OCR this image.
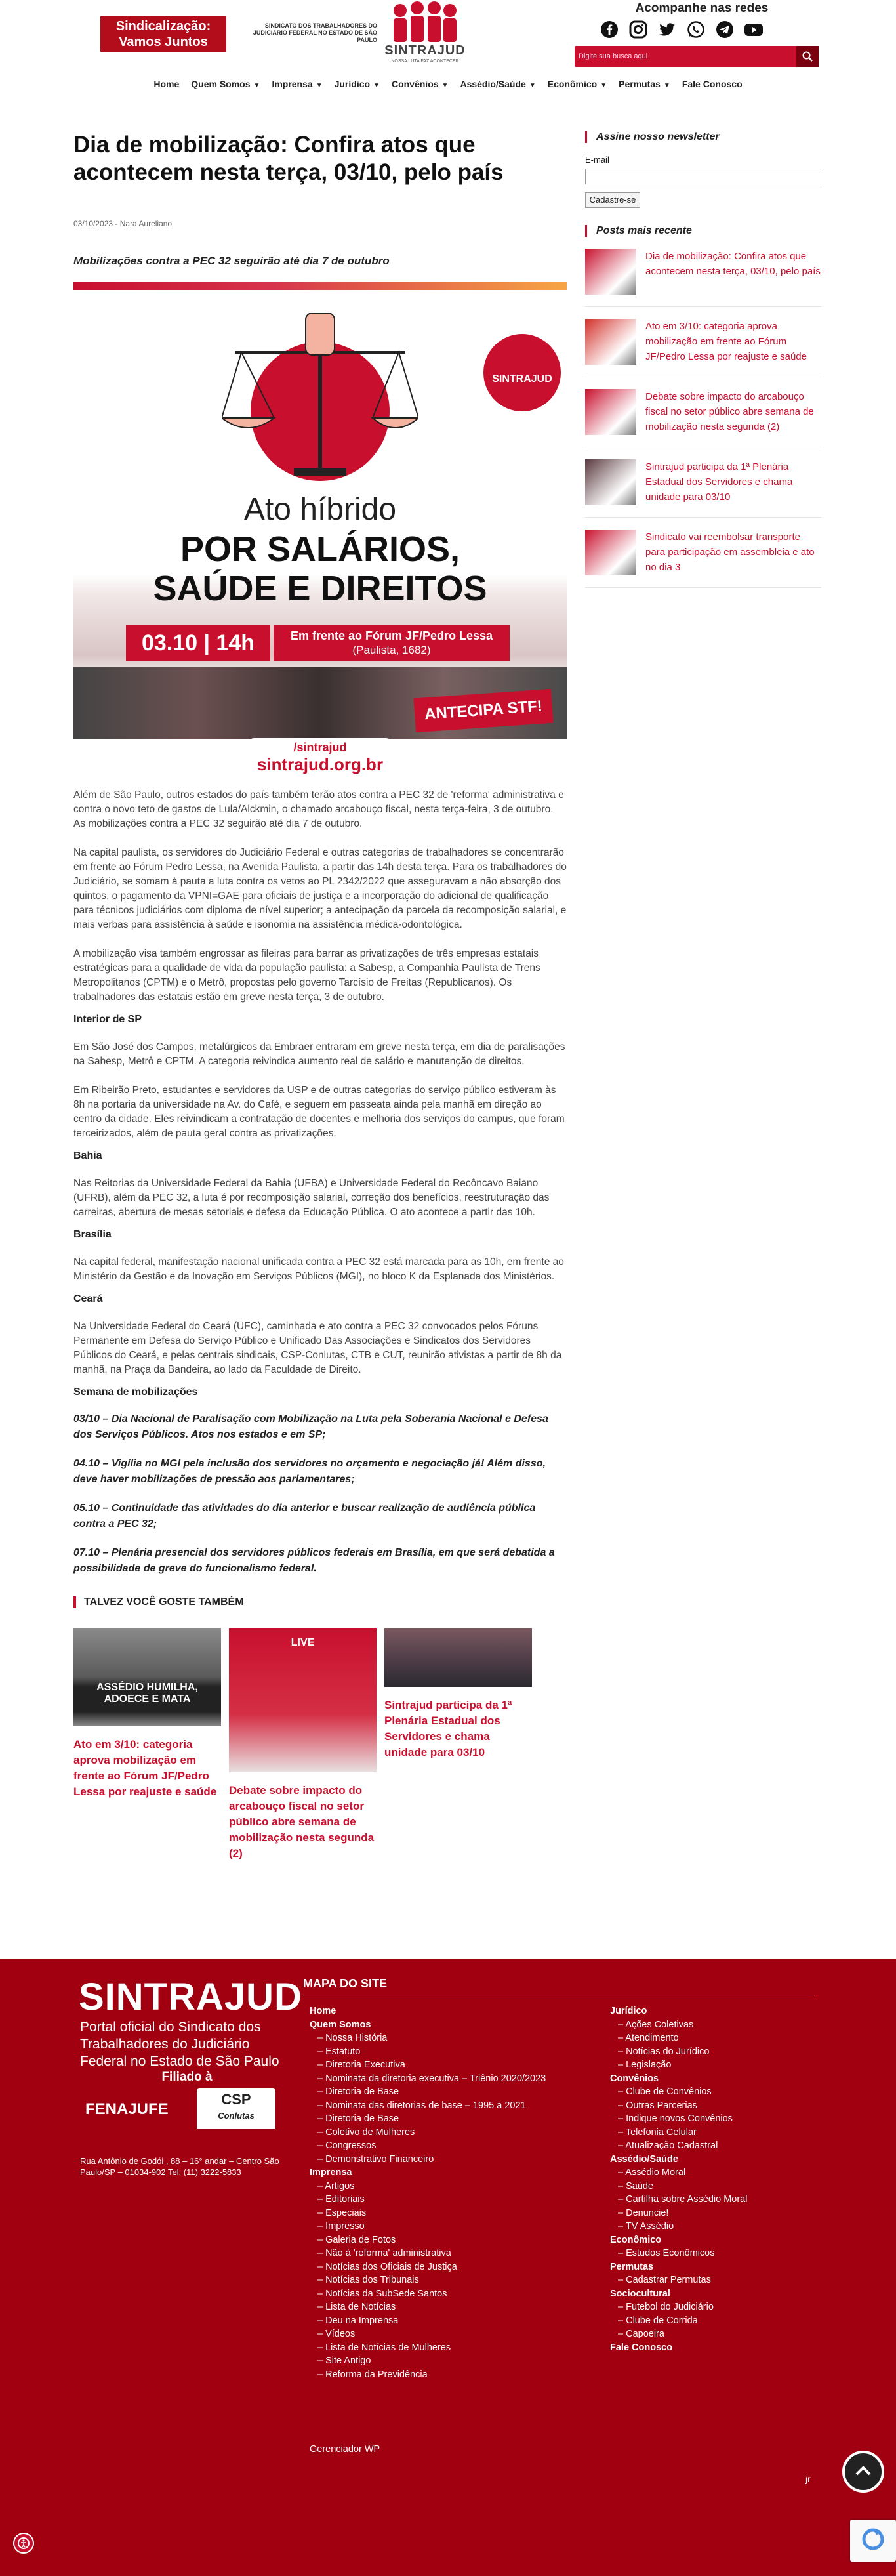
Sindicalização:
Vamos Juntos
SINDICATO DOS TRABALHADORES DO JUDICIÁRIO FEDERAL NO ESTADO DE SÃO PAULO
SINTRAJUD
NOSSA LUTA FAZ ACONTECER
Acompanhe nas redes
Digite sua busca aqui
Home Quem Somos ▼ Imprensa ▼ Jurídico ▼ Convênios ▼ Assédio/Saúde ▼ Econômico ▼ Permutas ▼ Fale Conosco
Dia de mobilização: Confira atos que acontecem nesta terça, 03/10, pelo país
03/10/2023 - Nara Aureliano
Mobilizações contra a PEC 32 seguirão até dia 7 de outubro
SINTRAJUD
Ato híbrido
POR SALÁRIOS,
SAÚDE E DIREITOS
03.10 | 14h	Em frente ao Fórum JF/Pedro Lessa
(Paulista, 1682)
ANTECIPA STF!
/sintrajud
sintrajud.org.br

Além de São Paulo, outros estados do país também terão atos contra a PEC 32 de 'reforma' administrativa e contra o novo teto de gastos de Lula/Alckmin, o chamado arcabouço fiscal, nesta terça-feira, 3 de outubro. As mobilizações contra a PEC 32 seguirão até dia 7 de outubro.

Na capital paulista, os servidores do Judiciário Federal e outras categorias de trabalhadores se concentrarão em frente ao Fórum Pedro Lessa, na Avenida Paulista, a partir das 14h desta terça. Para os trabalhadores do Judiciário, se somam à pauta a luta contra os vetos ao PL 2342/2022 que asseguravam a não absorção dos quintos, o pagamento da VPNI=GAE para oficiais de justiça e a incorporação do adicional de qualificação para técnicos judiciários com diploma de nível superior; a antecipação da parcela da recomposição salarial, e mais verbas para assistência à saúde e isonomia na assistência médica-odontológica.

A mobilização visa também engrossar as fileiras para barrar as privatizações de três empresas estatais estratégicas para a qualidade de vida da população paulista: a Sabesp, a Companhia Paulista de Trens Metropolitanos (CPTM) e o Metrô, propostas pelo governo Tarcísio de Freitas (Republicanos). Os trabalhadores das estatais estão em greve nesta terça, 3 de outubro.

Interior de SP

Em São José dos Campos, metalúrgicos da Embraer entraram em greve nesta terça, em dia de paralisações na Sabesp, Metrô e CPTM. A categoria reivindica aumento real de salário e manutenção de direitos.

Em Ribeirão Preto, estudantes e servidores da USP e de outras categorias do serviço público estiveram às 8h na portaria da universidade na Av. do Café, e seguem em passeata ainda pela manhã em direção ao centro da cidade. Eles reivindicam a contratação de docentes e melhoria dos serviços do campus, que foram terceirizados, além de pauta geral contra as privatizações.

Bahia

Nas Reitorias da Universidade Federal da Bahia (UFBA) e Universidade Federal do Recôncavo Baiano (UFRB), além da PEC 32, a luta é por recomposição salarial, correção dos benefícios, reestruturação das carreiras, abertura de mesas setoriais e defesa da Educação Pública. O ato acontece a partir das 10h.

Brasília

Na capital federal, manifestação nacional unificada contra a PEC 32 está marcada para as 10h, em frente ao Ministério da Gestão e da Inovação em Serviços Públicos (MGI), no bloco K da Esplanada dos Ministérios.

Ceará

Na Universidade Federal do Ceará (UFC), caminhada e ato contra a PEC 32 convocados pelos Fóruns Permanente em Defesa do Serviço Público e Unificado Das Associações e Sindicatos dos Servidores Públicos do Ceará, e pelas centrais sindicais, CSP-Conlutas, CTB e CUT, reunirão ativistas a partir de 8h da manhã, na Praça da Bandeira, ao lado da Faculdade de Direito.

Semana de mobilizações

03/10 – Dia Nacional de Paralisação com Mobilização na Luta pela Soberania Nacional e Defesa dos Serviços Públicos. Atos nos estados e em SP;

04.10 – Vigília no MGI pela inclusão dos servidores no orçamento e negociação já! Além disso, deve haver mobilizações de pressão aos parlamentares;

05.10 – Continuidade das atividades do dia anterior e buscar realização de audiência pública contra a PEC 32;

07.10 – Plenária presencial dos servidores públicos federais em Brasília, em que será debatida a possibilidade de greve do funcionalismo federal.

TALVEZ VOCÊ GOSTE TAMBÉM
ASSÉDIO HUMILHA, ADOECE E MATA
Ato em 3/10: categoria aprova mobilização em frente ao Fórum JF/Pedro Lessa por reajuste e saúde
LIVE
Debate sobre impacto do arcabouço fiscal no setor público abre semana de mobilização nesta segunda (2)
Sintrajud participa da 1ª Plenária Estadual dos Servidores e chama unidade para 03/10
Assine nosso newsletter
E-mail
Cadastre-se
Posts mais recente
Dia de mobilização: Confira atos que acontecem nesta terça, 03/10, pelo país
Ato em 3/10: categoria aprova mobilização em frente ao Fórum JF/Pedro Lessa por reajuste e saúde
Debate sobre impacto do arcabouço fiscal no setor público abre semana de mobilização nesta segunda (2)
Sintrajud participa da 1ª Plenária Estadual dos Servidores e chama unidade para 03/10
Sindicato vai reembolsar transporte para participação em assembleia e ato no dia 3
SINTRAJUD
Portal oficial do Sindicato dos Trabalhadores do Judiciário Federal no Estado de São Paulo
Filiado à
FENAJUFE
CSP
Conlutas
Rua Antônio de Godói , 88 – 16° andar – Centro São Paulo/SP – 01034-902 Tel: (11) 3222-5833
MAPA DO SITE
Home
Quem Somos
– Nossa História
– Estatuto
– Diretoria Executiva
– Nominata da diretoria executiva – Triênio 2020/2023
– Diretoria de Base
– Nominata das diretorias de base – 1995 a 2021
– Diretoria de Base
– Coletivo de Mulheres
– Congressos
– Demonstrativo Financeiro
Imprensa
– Artigos
– Editoriais
– Especiais
– Impresso
– Galeria de Fotos
– Não à 'reforma' administrativa
– Notícias dos Oficiais de Justiça
– Notícias dos Tribunais
– Notícias da SubSede Santos
– Lista de Notícias
– Deu na Imprensa
– Vídeos
– Lista de Notícias de Mulheres
– Site Antigo
– Reforma da Previdência
Jurídico
– Ações Coletivas
– Atendimento
– Notícias do Jurídico
– Legislação
Convênios
– Clube de Convênios
– Outras Parcerias
– Indique novos Convênios
– Telefonia Celular
– Atualização Cadastral
Assédio/Saúde
– Assédio Moral
– Saúde
– Cartilha sobre Assédio Moral
– Denuncie!
– TV Assédio
Econômico
– Estudos Econômicos
Permutas
– Cadastrar Permutas
Sociocultural
– Futebol do Judiciário
– Clube de Corrida
– Capoeira
Fale Conosco
Gerenciador WP
jr
